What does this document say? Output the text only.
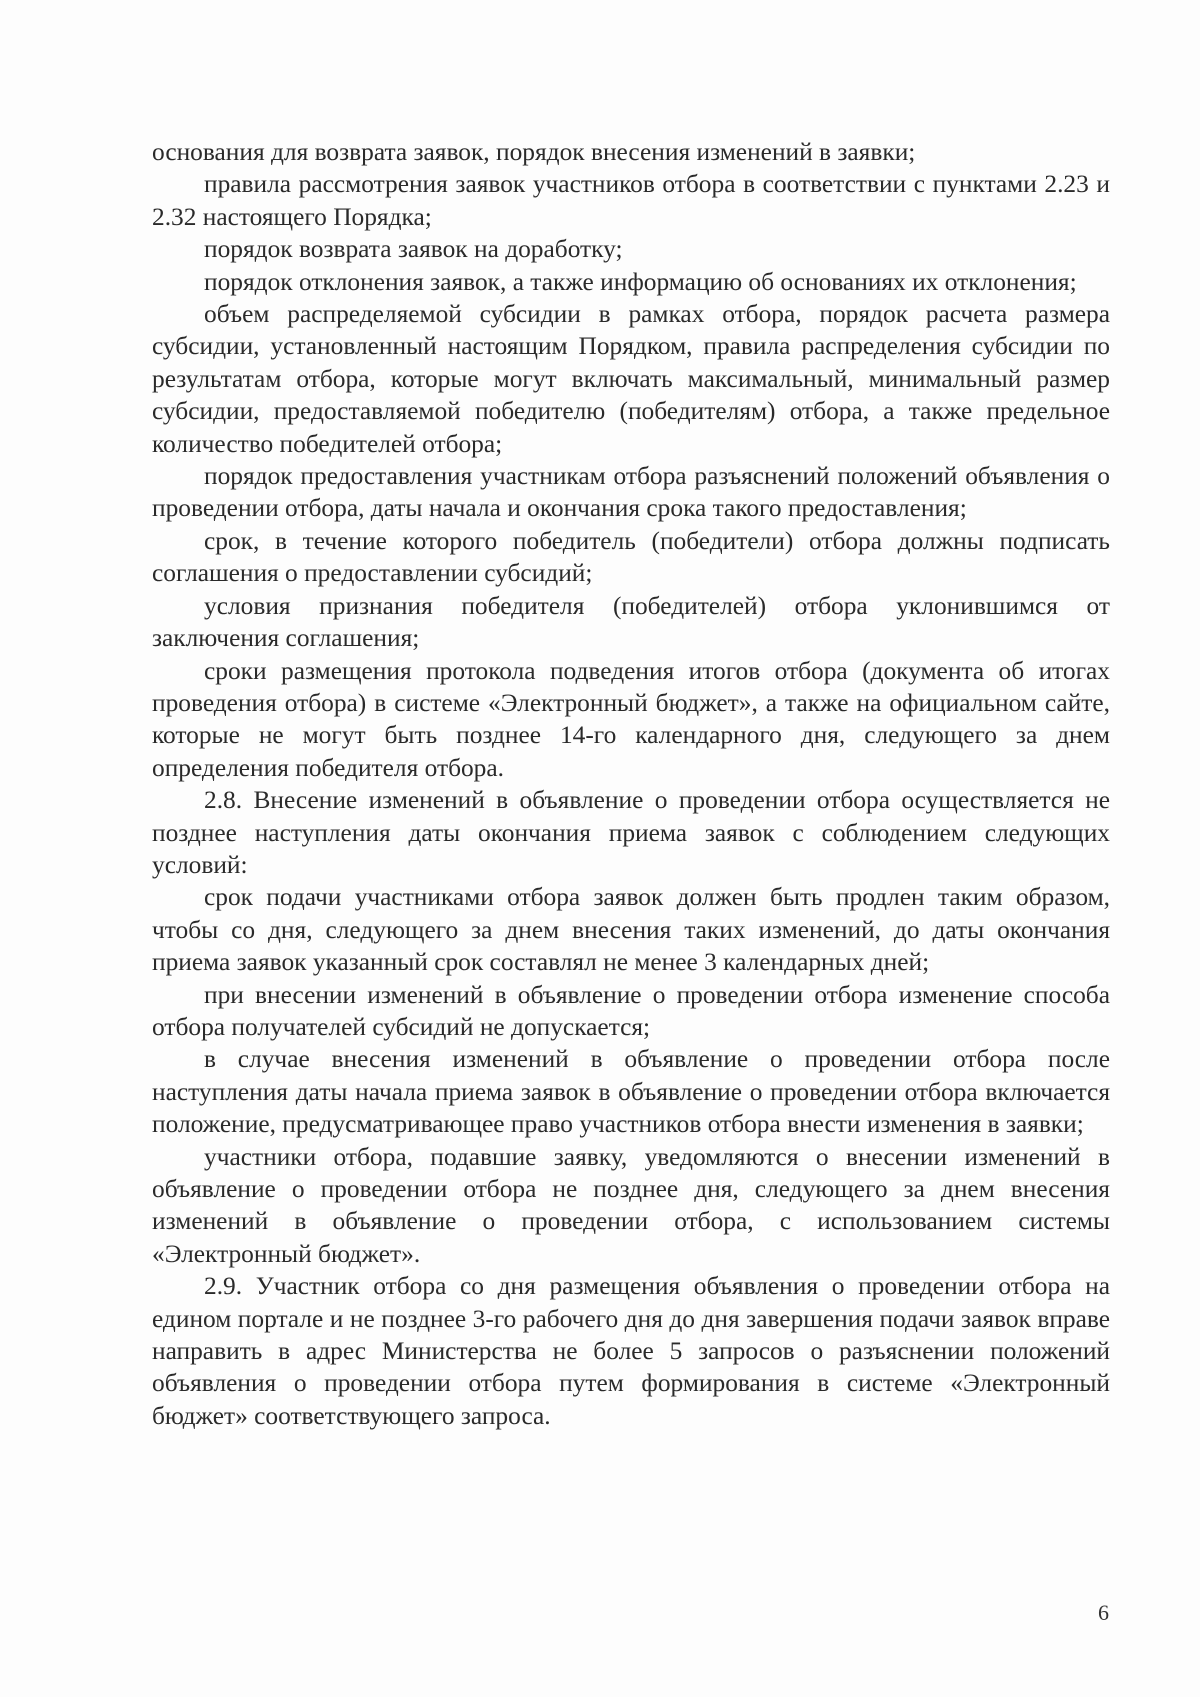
основания для возврата заявок, порядок внесения изменений в заявки;

правила рассмотрения заявок участников отбора в соответствии с пунктами 2.23 и 2.32 настоящего Порядка;

порядок возврата заявок на доработку;

порядок отклонения заявок, а также информацию об основаниях их отклонения;

объем распределяемой субсидии в рамках отбора, порядок расчета размера субсидии, установленный настоящим Порядком, правила распределения субсидии по результатам отбора, которые могут включать максимальный, минимальный размер субсидии, предоставляемой победителю (победителям) отбора, а также предельное количество победителей отбора;

порядок предоставления участникам отбора разъяснений положений объявления о проведении отбора, даты начала и окончания срока такого предоставления;

срок, в течение которого победитель (победители) отбора должны подписать соглашения о предоставлении субсидий;

условия признания победителя (победителей) отбора уклонившимся от заключения соглашения;

сроки размещения протокола подведения итогов отбора (документа об итогах проведения отбора) в системе «Электронный бюджет», а также на официальном сайте, которые не могут быть позднее 14-го календарного дня, следующего за днем определения победителя отбора.

2.8. Внесение изменений в объявление о проведении отбора осуществляется не позднее наступления даты окончания приема заявок с соблюдением следующих условий:

срок подачи участниками отбора заявок должен быть продлен таким образом, чтобы со дня, следующего за днем внесения таких изменений, до даты окончания приема заявок указанный срок составлял не менее 3 календарных дней;

при внесении изменений в объявление о проведении отбора изменение способа отбора получателей субсидий не допускается;

в случае внесения изменений в объявление о проведении отбора после наступления даты начала приема заявок в объявление о проведении отбора включается положение, предусматривающее право участников отбора внести изменения в заявки;

участники отбора, подавшие заявку, уведомляются о внесении изменений в объявление о проведении отбора не позднее дня, следующего за днем внесения изменений в объявление о проведении отбора, с использованием системы «Электронный бюджет».

2.9. Участник отбора со дня размещения объявления о проведении отбора на едином портале и не позднее 3-го рабочего дня до дня завершения подачи заявок вправе направить в адрес Министерства не более 5 запросов о разъяснении положений объявления о проведении отбора путем формирования в системе «Электронный бюджет» соответствующего запроса.

6
